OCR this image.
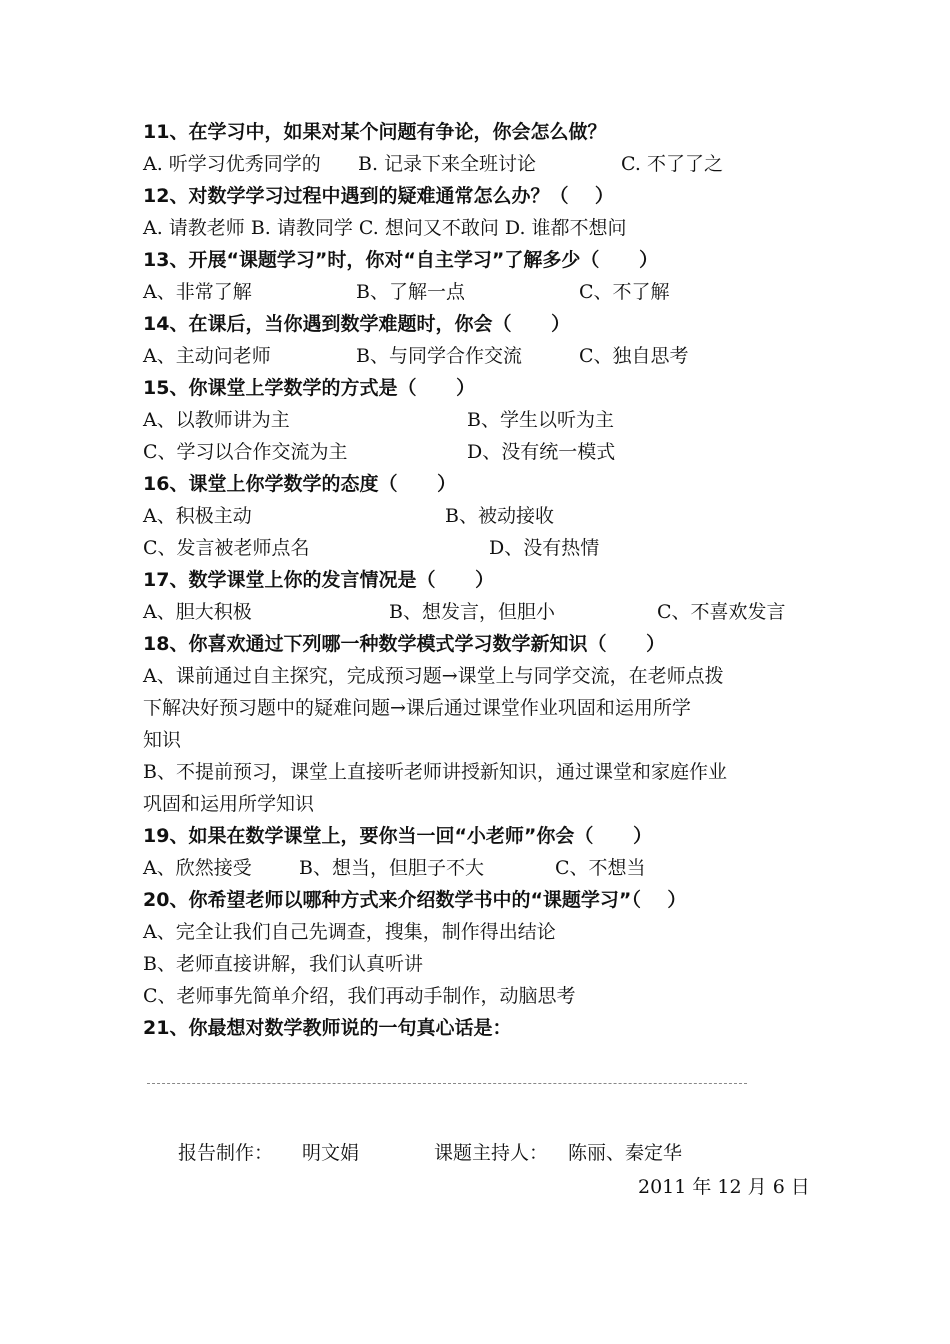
11、在学习中，如果对某个问题有争论，你会怎么做？

A. 听学习优秀同学的

B. 记录下来全班讨论

	C. 不了了之

12、对数学学习过程中遇到的疑难通常怎么办？（    ）

A. 请教老师 B. 请教同学 C. 想问又不敢问 D. 谁都不想问

13、开展“课题学习”时，你对“自主学习”了解多少（      ）

A、非常了解

	B、了解一点

	C、不了解

14、在课后，当你遇到数学难题时，你会（      ）

A、主动问老师

	B、与同学合作交流

	C、独自思考

15、你课堂上学数学的方式是（      ）

A、以教师讲为主

	B、学生以听为主

C、学习以合作交流为主

	D、没有统一模式

16、课堂上你学数学的态度（      ）

A、积极主动

	B、被动接收

C、发言被老师点名

	D、没有热情

17、数学课堂上你的发言情况是（      ）

A、胆大积极

	B、想发言，但胆小

	C、不喜欢发言

18、你喜欢通过下列哪一种数学模式学习数学新知识（      ）
A、课前通过自主探究，完成预习题→课堂上与同学交流，在老师点拨
下解决好预习题中的疑难问题→课后通过课堂作业巩固和运用所学
知识
B、不提前预习，课堂上直接听老师讲授新知识，通过课堂和家庭作业
巩固和运用所学知识
19、如果在数学课堂上，要你当一回“小老师”你会（      ）

A、欣然接受

B、想当，但胆子不大

	C、不想当

20、你希望老师以哪种方式来介绍数学书中的“课题学习”（    ）
A、完全让我们自己先调查，搜集，制作得出结论
B、老师直接讲解，我们认真听讲
C、老师事先简单介绍，我们再动手制作，动脑思考
21、你最想对数学教师说的一句真心话是：

报告制作：

明文娟

	课题主持人：

陈丽、秦定华

2011 年 12 月 6 日
